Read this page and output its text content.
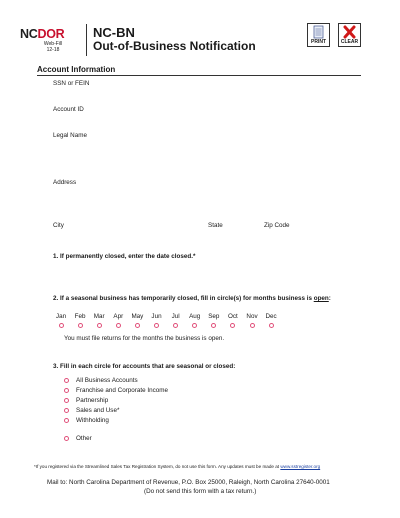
NCDOR
Web-Fill
12-18
NC-BN
Out-of-Business Notification	PRINT	CLEAR
Account Information
SSN or FEIN
Account ID
Legal Name
Address
City	State	Zip Code
1. If permanently closed, enter the date closed.*
2. If a seasonal business has temporarily closed, fill in circle(s) for months business is open:
Jan	Feb	Mar	Apr	May	Jun	Jul	Aug	Sep	Oct	Nov	Dec
You must file returns for the months the business is open.
3. Fill in each circle for accounts that are seasonal or closed:
All Business Accounts
Franchise and Corporate Income
Partnership
Sales and Use*
Withholding
Other
*If you registered via the Streamlined Sales Tax Registration System, do not use this form. Any updates must be made at www.sstregister.org
Mail to: North Carolina Department of Revenue, P.O. Box 25000, Raleigh, North Carolina 27640-0001
(Do not send this form with a tax return.)
